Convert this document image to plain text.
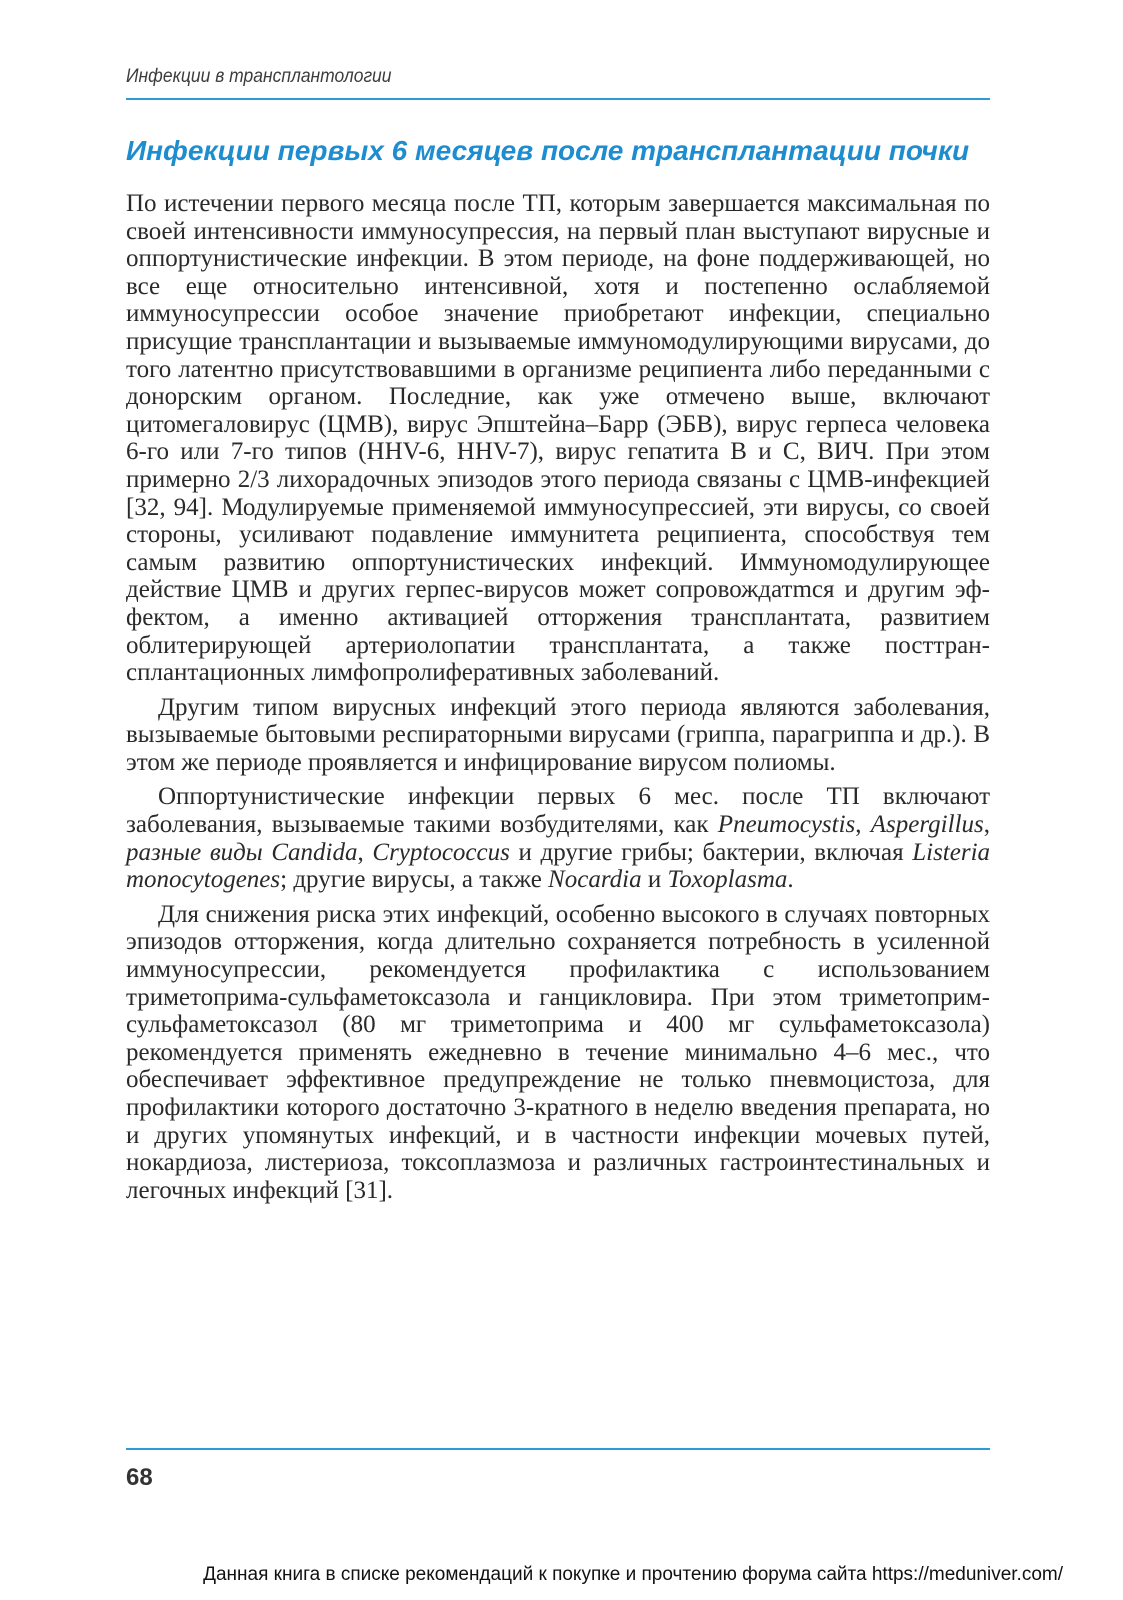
Инфекции в трансплантологии
Инфекции первых 6 месяцев после трансплантации почки

По истечении первого месяца после ТП, которым завершается максимальная по своей интенсивности иммуносупрессия, на первый план выступают вирусные и оппортунистические инфекции. В этом периоде, на фоне поддерживающей, но все еще относительно интенсивной, хотя и постепенно ослабляемой иммуносупрессии особое значение приобретают инфекции, специально присущие трансплантации и вызываемые иммуномодулирующими вирусами, до того латентно присутствовавшими в организме реципиента либо переданными с донорским органом. Последние, как уже отмечено выше, включают цитомегаловирус (ЦМВ), вирус Эпштейна–Барр (ЭБВ), вирус герпеса человека 6-го или 7-го типов (HHV-6, HHV-7), вирус гепатита В и С, ВИЧ. При этом примерно 2/3 лихорадочных эпизодов этого периода связаны с ЦМВ-инфекцией [32, 94]. Модулируемые применяемой иммуносупрессией, эти вирусы, со своей стороны, усиливают подавление иммунитета реципиента, способствуя тем самым развитию оппортунистических инфекций. Иммуномодулирующее действие ЦМВ и других герпес-вирусов может сопровождатmся и другим эффектом, а именно активацией отторжения трансплантата, развитием облитерирующей артериолопатии трансплантата, а также посттрансплантационных лимфопролиферативных заболеваний.

Другим типом вирусных инфекций этого периода являются заболевания, вызываемые бытовыми респираторными вирусами (гриппа, парагриппа и др.). В этом же периоде проявляется и инфицирование вирусом полиомы.

Оппортунистические инфекции первых 6 мес. после ТП включают заболевания, вызываемые такими возбудителями, как Pneumocystis, Aspergillus, разные виды Candida, Cryptococcus и другие грибы; бактерии, включая Listeria monocytogenes; другие вирусы, а также Nocardia и Toxoplasma.

Для снижения риска этих инфекций, особенно высокого в случаях повторных эпизодов отторжения, когда длительно сохраняется потребность в усиленной иммуносупрессии, рекомендуется профилактика с использованием триметоприма-сульфаметоксазола и ганцикловира. При этом триметоприм-сульфаметоксазол (80 мг триметоприма и 400 мг сульфаметоксазола) рекомендуется применять ежедневно в течение минимально 4–6 мес., что обеспечивает эффективное предупреждение не только пневмоцистоза, для профилактики которого достаточно 3-кратного в неделю введения препарата, но и других упомянутых инфекций, и в частности инфекции мочевых путей, нокардиоза, листериоза, токсоплазмоза и различных гастроинтестинальных и легочных инфекций [31].

68
Данная книга в списке рекомендаций к покупке и прочтению форума сайта https://meduniver.com/
